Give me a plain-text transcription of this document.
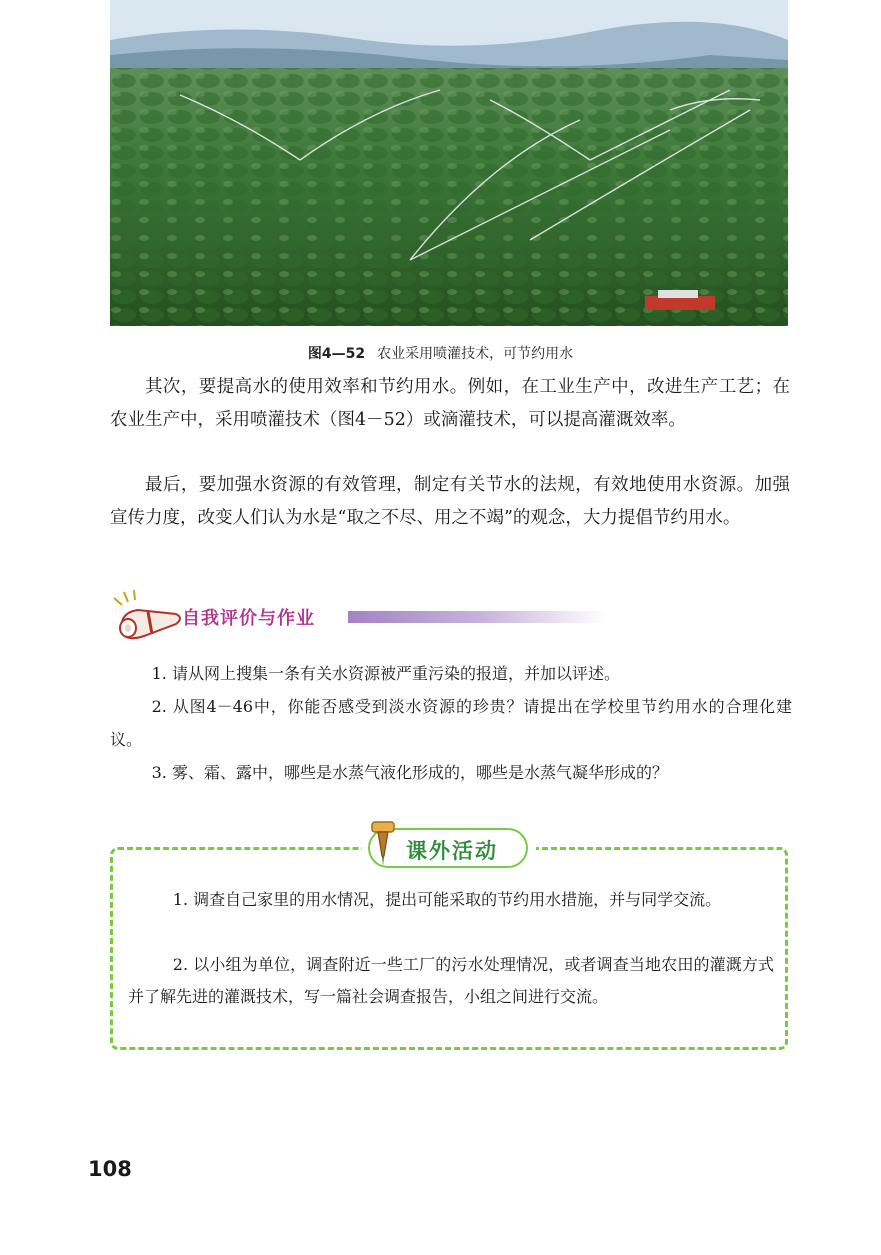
图4—52 农业采用喷灌技术，可节约用水

其次，要提高水的使用效率和节约用水。例如，在工业生产中，改进生产工艺；在农业生产中，采用喷灌技术（图4－52）或滴灌技术，可以提高灌溉效率。

最后，要加强水资源的有效管理，制定有关节水的法规，有效地使用水资源。加强宣传力度，改变人们认为水是“取之不尽、用之不竭”的观念，大力提倡节约用水。

自我评价与作业

1. 请从网上搜集一条有关水资源被严重污染的报道，并加以评述。

2. 从图4－46中，你能否感受到淡水资源的珍贵？请提出在学校里节约用水的合理化建议。

3. 雾、霜、露中，哪些是水蒸气液化形成的，哪些是水蒸气凝华形成的？

课外活动

1. 调查自己家里的用水情况，提出可能采取的节约用水措施，并与同学交流。

2. 以小组为单位，调查附近一些工厂的污水处理情况，或者调查当地农田的灌溉方式并了解先进的灌溉技术，写一篇社会调查报告，小组之间进行交流。

108
